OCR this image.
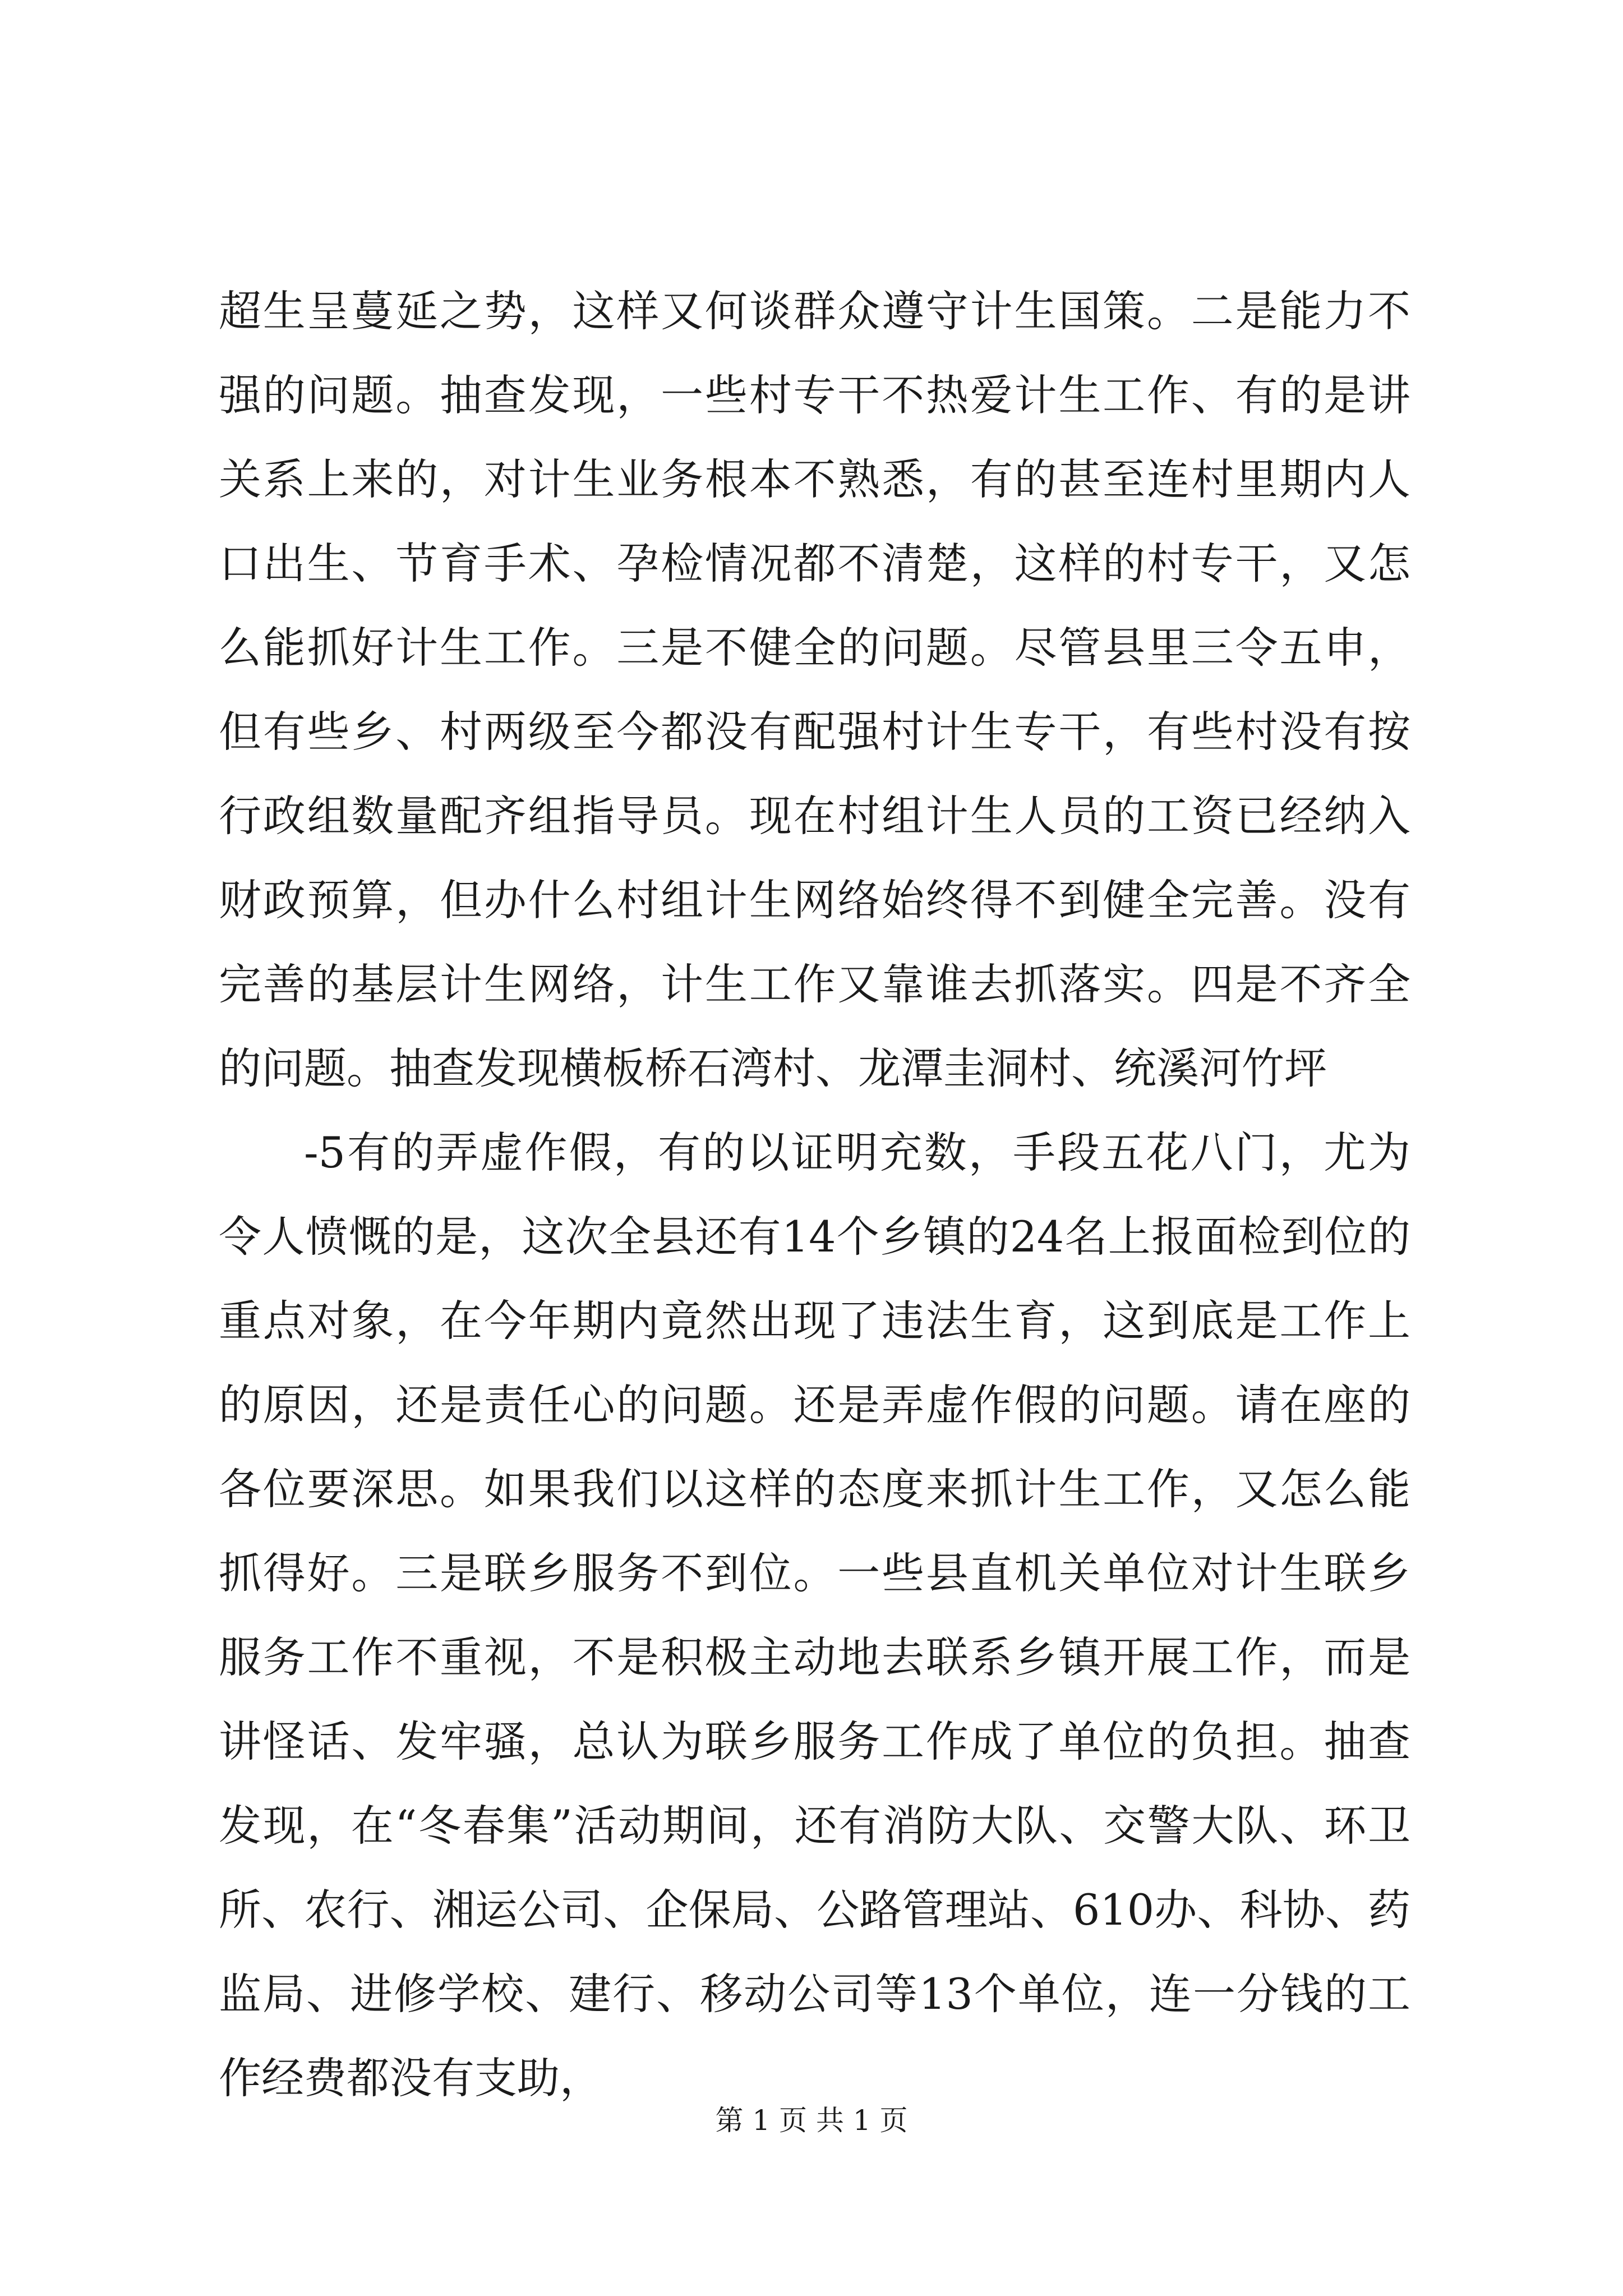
超生呈蔓延之势，这样又何谈群众遵守计生国策。二是能力不强的问题。抽查发现，一些村专干不热爱计生工作、有的是讲关系上来的，对计生业务根本不熟悉，有的甚至连村里期内人口出生、节育手术、孕检情况都不清楚，这样的村专干，又怎么能抓好计生工作。三是不健全的问题。尽管县里三令五申，但有些乡、村两级至今都没有配强村计生专干，有些村没有按行政组数量配齐组指导员。现在村组计生人员的工资已经纳入财政预算，但办什么村组计生网络始终得不到健全完善。没有完善的基层计生网络，计生工作又靠谁去抓落实。四是不齐全的问题。抽查发现横板桥石湾村、龙潭圭洞村、统溪河竹坪

-5有的弄虚作假，有的以证明充数，手段五花八门，尤为令人愤慨的是，这次全县还有14个乡镇的24名上报面检到位的重点对象，在今年期内竟然出现了违法生育，这到底是工作上的原因，还是责任心的问题。还是弄虚作假的问题。请在座的各位要深思。如果我们以这样的态度来抓计生工作，又怎么能抓得好。三是联乡服务不到位。一些县直机关单位对计生联乡服务工作不重视，不是积极主动地去联系乡镇开展工作，而是讲怪话、发牢骚，总认为联乡服务工作成了单位的负担。抽查发现，在“冬春集”活动期间，还有消防大队、交警大队、环卫所、农行、湘运公司、企保局、公路管理站、610办、科协、药监局、进修学校、建行、移动公司等13个单位，连一分钱的工作经费都没有支助，

第 1 页 共 1 页
